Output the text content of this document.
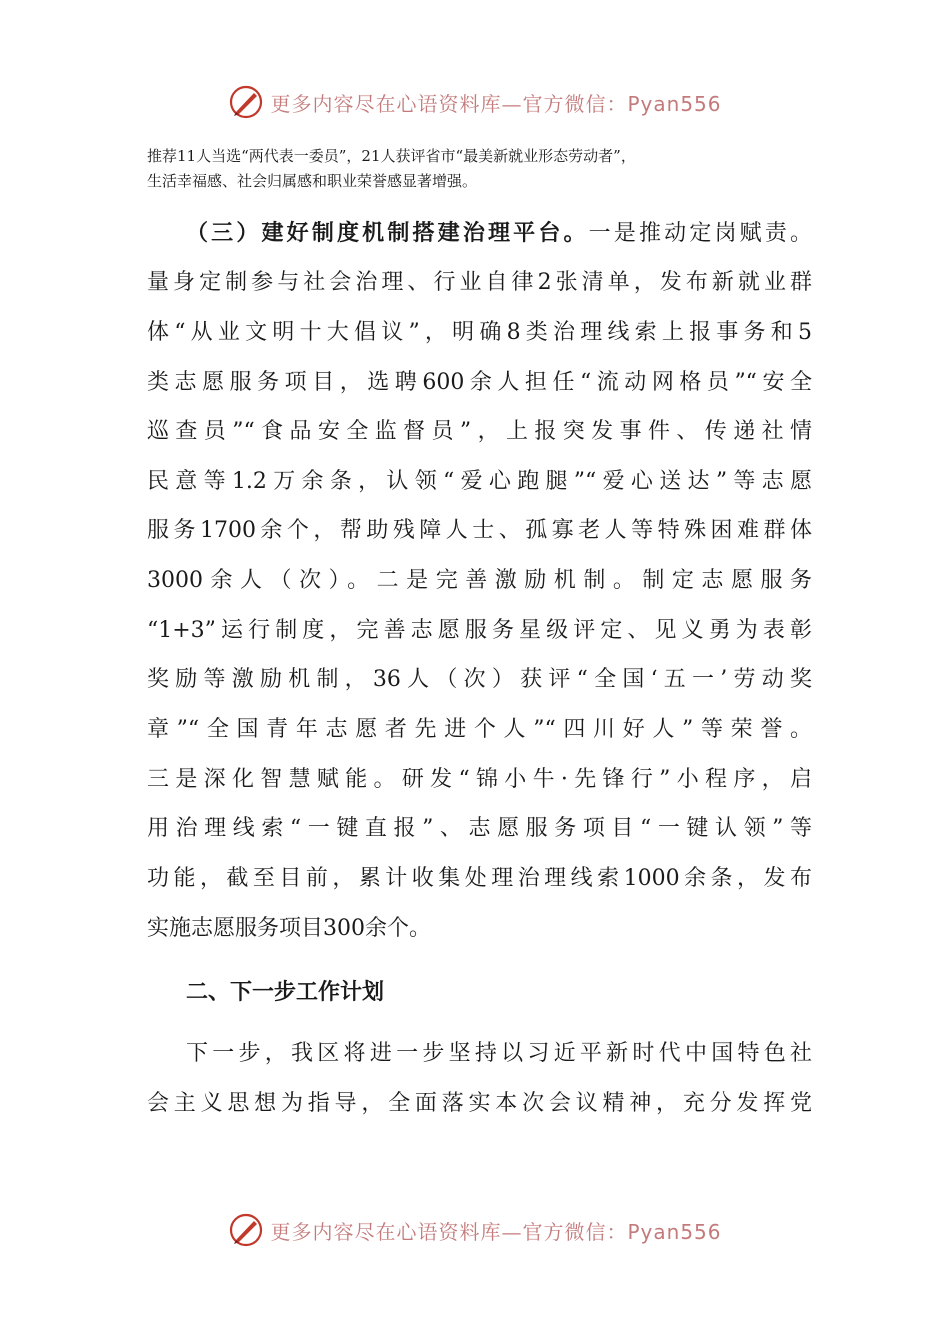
更多内容尽在心语资料库—官方微信：Pyan556
推荐11人当选“两代表一委员”，21人获评省市“最美新就业形态劳动者”，
生活幸福感、社会归属感和职业荣誉感显著增强。
（三）建好制度机制搭建治理平台。一是推动定岗赋责。
量身定制参与社会治理、行业自律2张清单，发布新就业群
体“从业文明十大倡议”，明确8类治理线索上报事务和5
类志愿服务项目，选聘600余人担任“流动网格员”“安全
巡查员”“食品安全监督员”，上报突发事件、传递社情
民意等1.2万余条，认领“爱心跑腿”“爱心送达”等志愿
服务1700余个，帮助残障人士、孤寡老人等特殊困难群体
3000余人（次）。二是完善激励机制。制定志愿服务
“1+3”运行制度，完善志愿服务星级评定、见义勇为表彰
奖励等激励机制，36人（次）获评“全国‘五一’劳动奖
章”“全国青年志愿者先进个人”“四川好人”等荣誉。
三是深化智慧赋能。研发“锦小牛·先锋行”小程序，启
用治理线索“一键直报”、志愿服务项目“一键认领”等
功能，截至目前，累计收集处理治理线索1000余条，发布
实施志愿服务项目300余个。
二、下一步工作计划
下一步，我区将进一步坚持以习近平新时代中国特色社
会主义思想为指导，全面落实本次会议精神，充分发挥党
更多内容尽在心语资料库—官方微信：Pyan556
